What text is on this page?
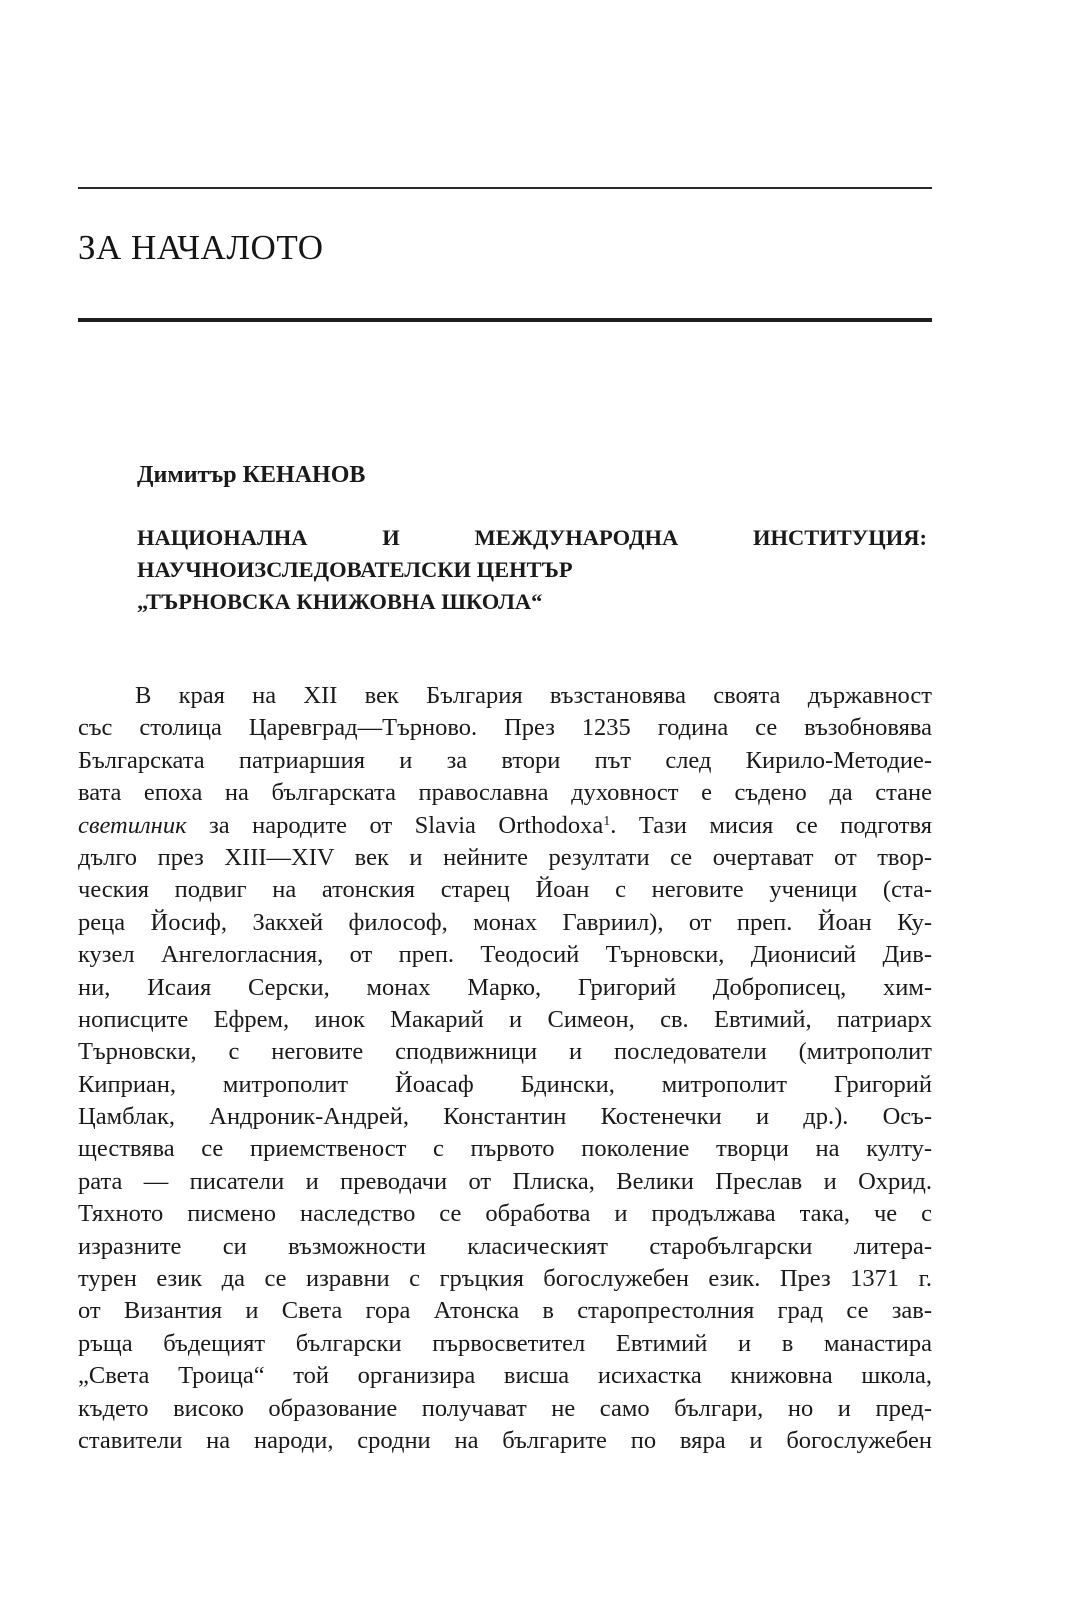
ЗА НАЧАЛОТО
Димитър КЕНАНОВ
НАЦИОНАЛНА И МЕЖДУНАРОДНА ИНСТИТУЦИЯ:
НАУЧНОИЗСЛЕДОВАТЕЛСКИ ЦЕНТЪР
„ТЪРНОВСКА КНИЖОВНА ШКОЛА“
В края на XII век България възстановява своята държавност
със столица Царевград—Търново. През 1235 година се възобновява
Българската патриаршия и за втори път след Кирило-Методие-
вата епоха на българската православна духовност е съдено да стане
светилник за народите от Slavia Orthodoxa$^1$. Тази мисия се подготвя
дълго през XIII—XIV век и нейните резултати се очертават от твор-
ческия подвиг на атонския старец Йоан с неговите ученици (ста-
реца Йосиф, Закхей философ, монах Гавриил), от преп. Йоан Ку-
кузел Ангелогласния, от преп. Теодосий Търновски, Дионисий Див-
ни, Исаия Серски, монах Марко, Григорий Доброписец, хим-
нописците Ефрем, инок Макарий и Симеон, св. Евтимий, патриарх
Търновски, с неговите сподвижници и последователи (митрополит
Киприан, митрополит Йоасаф Бдински, митрополит Григорий
Цамблак, Андроник-Андрей, Константин Костенечки и др.). Осъ-
ществява се приемственост с първото поколение творци на култу-
рата — писатели и преводачи от Плиска, Велики Преслав и Охрид.
Тяхното писмено наследство се обработва и продължава така, че с
изразните си възможности класическият старобългарски литера-
турен език да се изравни с гръцкия богослужебен език. През 1371 г.
от Византия и Света гора Атонска в старопрестолния град се зав-
ръща бъдещият български първосветител Евтимий и в манастира
„Света Троица“ той организира висша исихастка книжовна школа,
където високо образование получават не само българи, но и пред-
ставители на народи, сродни на българите по вяра и богослужебен
